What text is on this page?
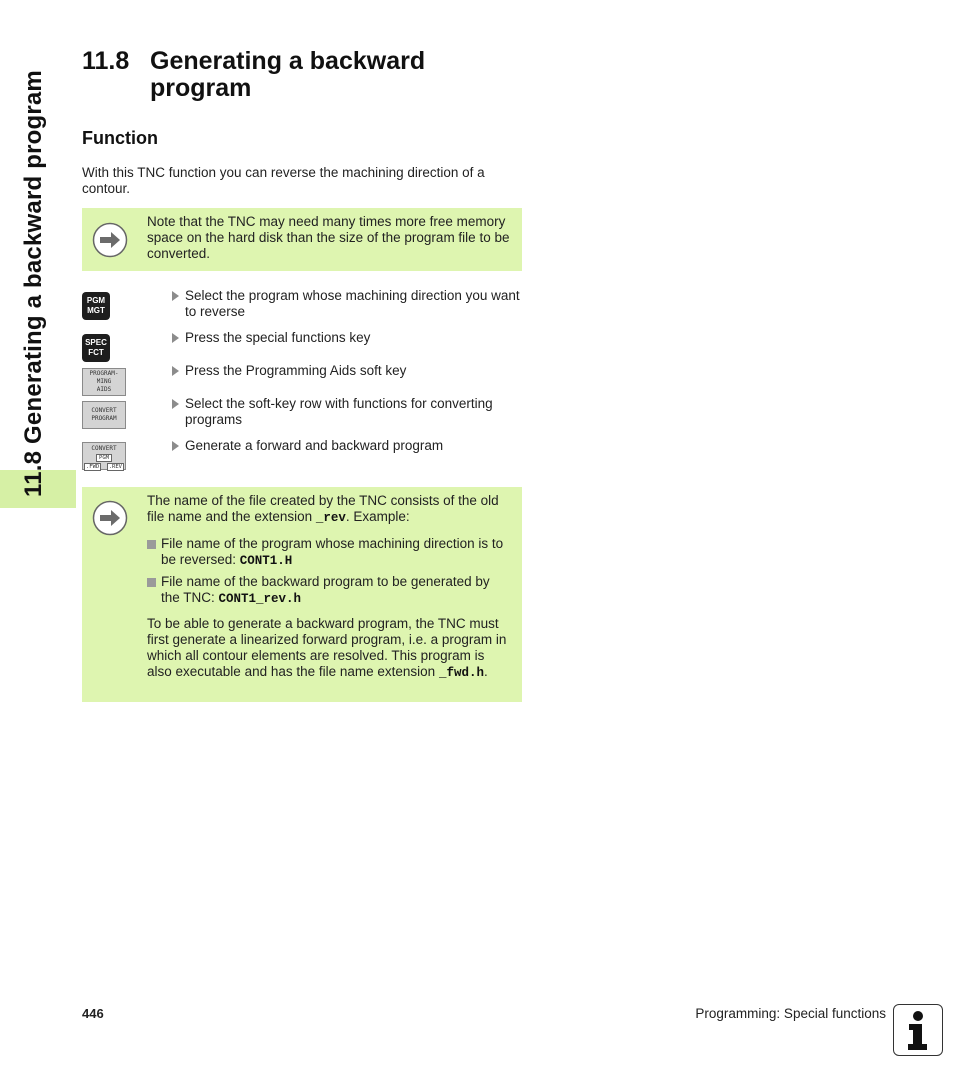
11.8 Generating a backward program
11.8 Generating a backward program
Function
With this TNC function you can reverse the machining direction of a contour.
Note that the TNC may need many times more free memory space on the hard disk than the size of the program file to be converted.
PGM
MGT
Select the program whose machining direction you want to reverse
SPEC
FCT
Press the special functions key
PROGRAM-
MING
AIDS
Press the Programming Aids soft key
CONVERT
PROGRAM
Select the soft-key row with functions for converting programs
CONVERT
PGM
.FWD	.REV
Generate a forward and backward program

The name of the file created by the TNC consists of the old file name and the extension _rev. Example:

File name of the program whose machining direction is to be reversed: CONT1.H
File name of the backward program to be generated by the TNC: CONT1_rev.h

To be able to generate a backward program, the TNC must first generate a linearized forward program, i.e. a program in which all contour elements are resolved. This program is also executable and has the file name extension _fwd.h.

446	Programming: Special functions
